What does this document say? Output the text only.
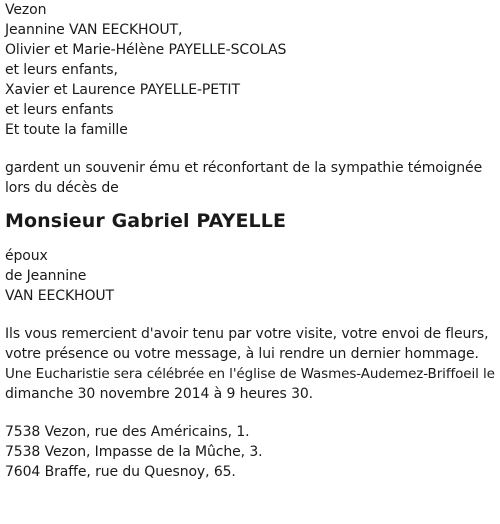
Vezon
Jeannine VAN EECKHOUT,
Olivier et Marie-Hélène PAYELLE-SCOLAS
et leurs enfants,
Xavier et Laurence PAYELLE-PETIT
et leurs enfants
Et toute la famille
gardent un souvenir ému et réconfortant de la sympathie témoignée
lors du décès de
Monsieur Gabriel PAYELLE
époux
de Jeannine
VAN EECKHOUT
Ils vous remercient d'avoir tenu par votre visite, votre envoi de fleurs,
votre présence ou votre message, à lui rendre un dernier hommage.
Une Eucharistie sera célébrée en l'église de Wasmes-Audemez-Briffoeil le
dimanche 30 novembre 2014 à 9 heures 30.
7538 Vezon, rue des Américains, 1.
7538 Vezon, Impasse de la Mûche, 3.
7604 Braffe, rue du Quesnoy, 65.
